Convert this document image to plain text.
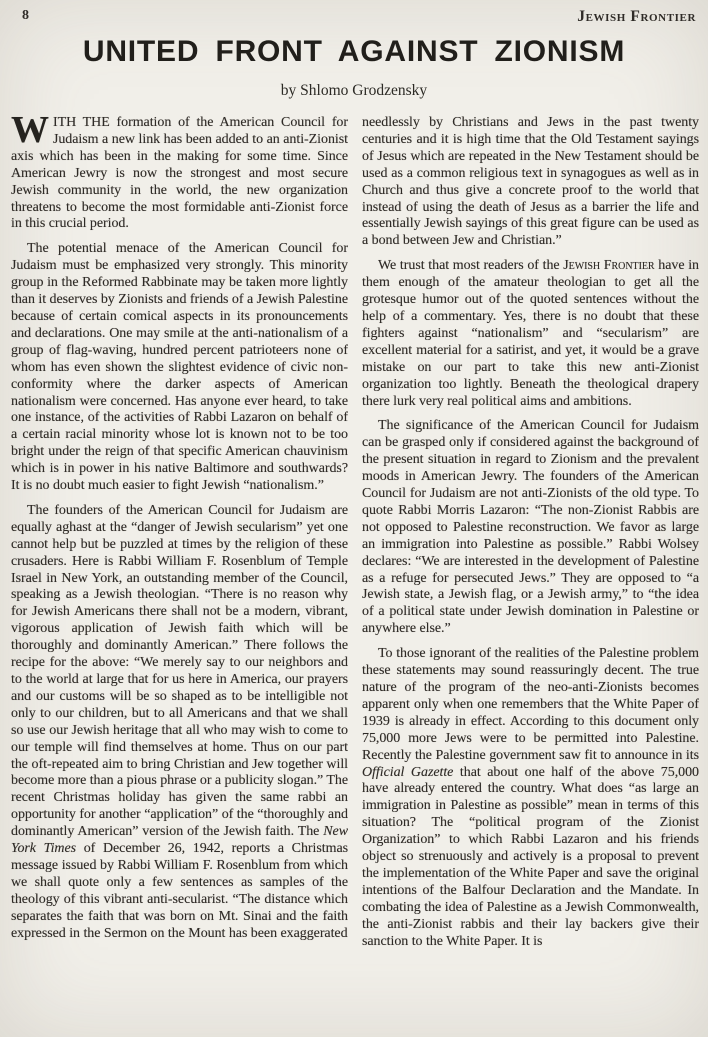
8	Jewish Frontier
UNITED FRONT AGAINST ZIONISM
by Shlomo Grodzensky

WITH THE formation of the American Council for Judaism a new link has been added to an anti-Zionist axis which has been in the making for some time. Since American Jewry is now the strongest and most secure Jewish community in the world, the new organization threatens to become the most formidable anti-Zionist force in this crucial period.

The potential menace of the American Council for Judaism must be emphasized very strongly. This minority group in the Reformed Rabbinate may be taken more lightly than it deserves by Zionists and friends of a Jewish Palestine because of certain comical aspects in its pronouncements and declarations. One may smile at the anti-nationalism of a group of flag-waving, hundred percent patrioteers none of whom has even shown the slightest evidence of civic non-conformity where the darker aspects of American nationalism were concerned. Has anyone ever heard, to take one instance, of the activities of Rabbi Lazaron on behalf of a certain racial minority whose lot is known not to be too bright under the reign of that specific American chauvinism which is in power in his native Baltimore and southwards? It is no doubt much easier to fight Jewish “nationalism.”

The founders of the American Council for Judaism are equally aghast at the “danger of Jewish secularism” yet one cannot help but be puzzled at times by the religion of these crusaders. Here is Rabbi William F. Rosenblum of Temple Israel in New York, an outstanding member of the Council, speaking as a Jewish theologian. “There is no reason why for Jewish Americans there shall not be a modern, vibrant, vigorous application of Jewish faith which will be thoroughly and dominantly American.” There follows the recipe for the above: “We merely say to our neighbors and to the world at large that for us here in America, our prayers and our customs will be so shaped as to be intelligible not only to our children, but to all Americans and that we shall so use our Jewish heritage that all who may wish to come to our temple will find themselves at home. Thus on our part the oft-repeated aim to bring Christian and Jew together will become more than a pious phrase or a publicity slogan.” The recent Christmas holiday has given the same rabbi an opportunity for another “application” of the “thoroughly and dominantly American” version of the Jewish faith. The New York Times of December 26, 1942, reports a Christmas message issued by Rabbi William F. Rosenblum from which we shall quote only a few sentences as samples of the theology of this vibrant anti-secularist. “The distance which separates the faith that was born on Mt. Sinai and the faith expressed in the Sermon on the Mount has been exaggerated

needlessly by Christians and Jews in the past twenty centuries and it is high time that the Old Testament sayings of Jesus which are repeated in the New Testament should be used as a common religious text in synagogues as well as in Church and thus give a concrete proof to the world that instead of using the death of Jesus as a barrier the life and essentially Jewish sayings of this great figure can be used as a bond between Jew and Christian.”

We trust that most readers of the Jewish Frontier have in them enough of the amateur theologian to get all the grotesque humor out of the quoted sentences without the help of a commentary. Yes, there is no doubt that these fighters against “nationalism” and “secularism” are excellent material for a satirist, and yet, it would be a grave mistake on our part to take this new anti-Zionist organization too lightly. Beneath the theological drapery there lurk very real political aims and ambitions.

The significance of the American Council for Judaism can be grasped only if considered against the background of the present situation in regard to Zionism and the prevalent moods in American Jewry. The founders of the American Council for Judaism are not anti-Zionists of the old type. To quote Rabbi Morris Lazaron: “The non-Zionist Rabbis are not opposed to Palestine reconstruction. We favor as large an immigration into Palestine as possible.” Rabbi Wolsey declares: “We are interested in the development of Palestine as a refuge for persecuted Jews.” They are opposed to “a Jewish state, a Jewish flag, or a Jewish army,” to “the idea of a political state under Jewish domination in Palestine or anywhere else.”

To those ignorant of the realities of the Palestine problem these statements may sound reassuringly decent. The true nature of the program of the neo-anti-Zionists becomes apparent only when one remembers that the White Paper of 1939 is already in effect. According to this document only 75,000 more Jews were to be permitted into Palestine. Recently the Palestine government saw fit to announce in its Official Gazette that about one half of the above 75,000 have already entered the country. What does “as large an immigration in Palestine as possible” mean in terms of this situation? The “political program of the Zionist Organization” to which Rabbi Lazaron and his friends object so strenuously and actively is a proposal to prevent the implementation of the White Paper and save the original intentions of the Balfour Declaration and the Mandate. In combating the idea of Palestine as a Jewish Commonwealth, the anti-Zionist rabbis and their lay backers give their sanction to the White Paper. It is
